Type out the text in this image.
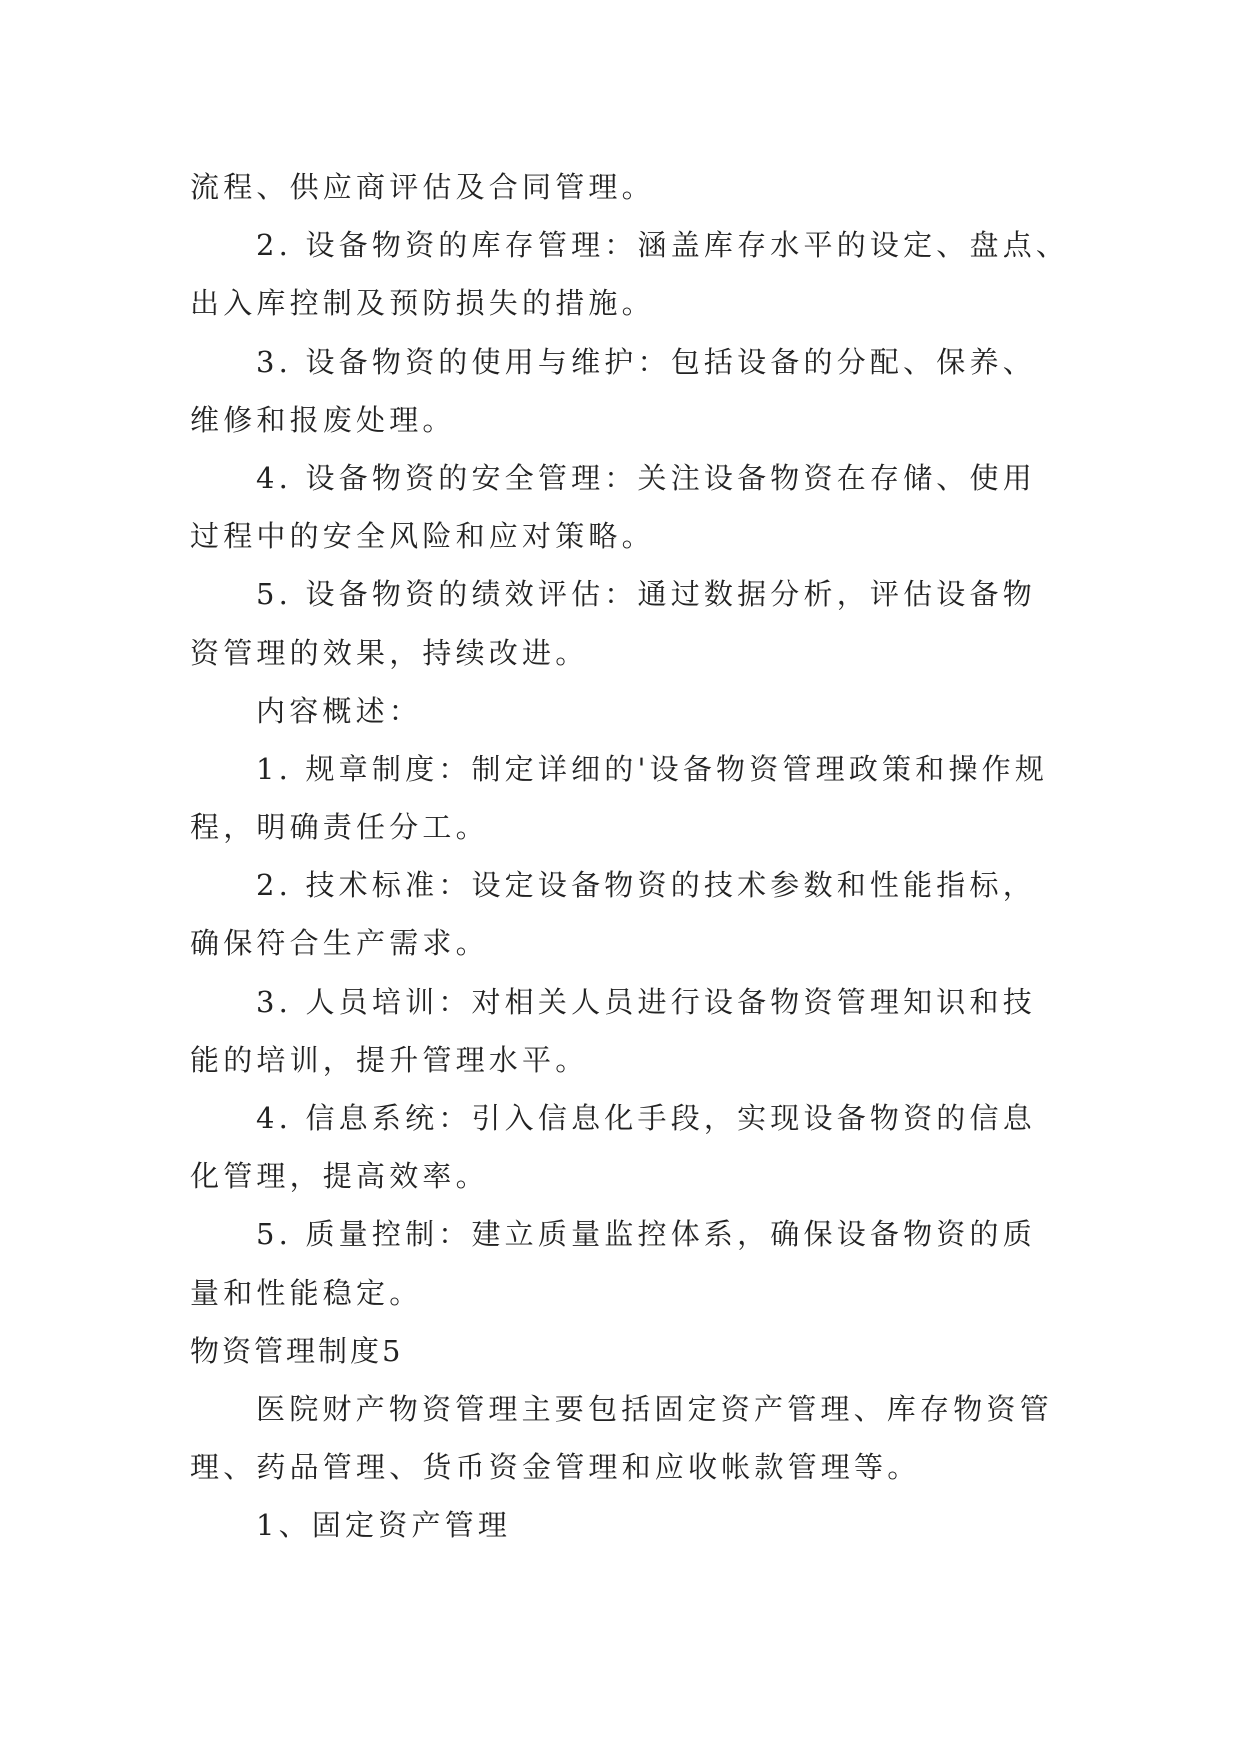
流程、供应商评估及合同管理。
2. 设备物资的库存管理：涵盖库存水平的设定、盘点、
出入库控制及预防损失的措施。
3. 设备物资的使用与维护：包括设备的分配、保养、
维修和报废处理。
4. 设备物资的安全管理：关注设备物资在存储、使用
过程中的安全风险和应对策略。
5. 设备物资的绩效评估：通过数据分析，评估设备物
资管理的效果，持续改进。
内容概述：
1. 规章制度：制定详细的'设备物资管理政策和操作规
程，明确责任分工。
2. 技术标准：设定设备物资的技术参数和性能指标，
确保符合生产需求。
3. 人员培训：对相关人员进行设备物资管理知识和技
能的培训，提升管理水平。
4. 信息系统：引入信息化手段，实现设备物资的信息
化管理，提高效率。
5. 质量控制：建立质量监控体系，确保设备物资的质
量和性能稳定。
物资管理制度5
医院财产物资管理主要包括固定资产管理、库存物资管
理、药品管理、货币资金管理和应收帐款管理等。
1、固定资产管理
